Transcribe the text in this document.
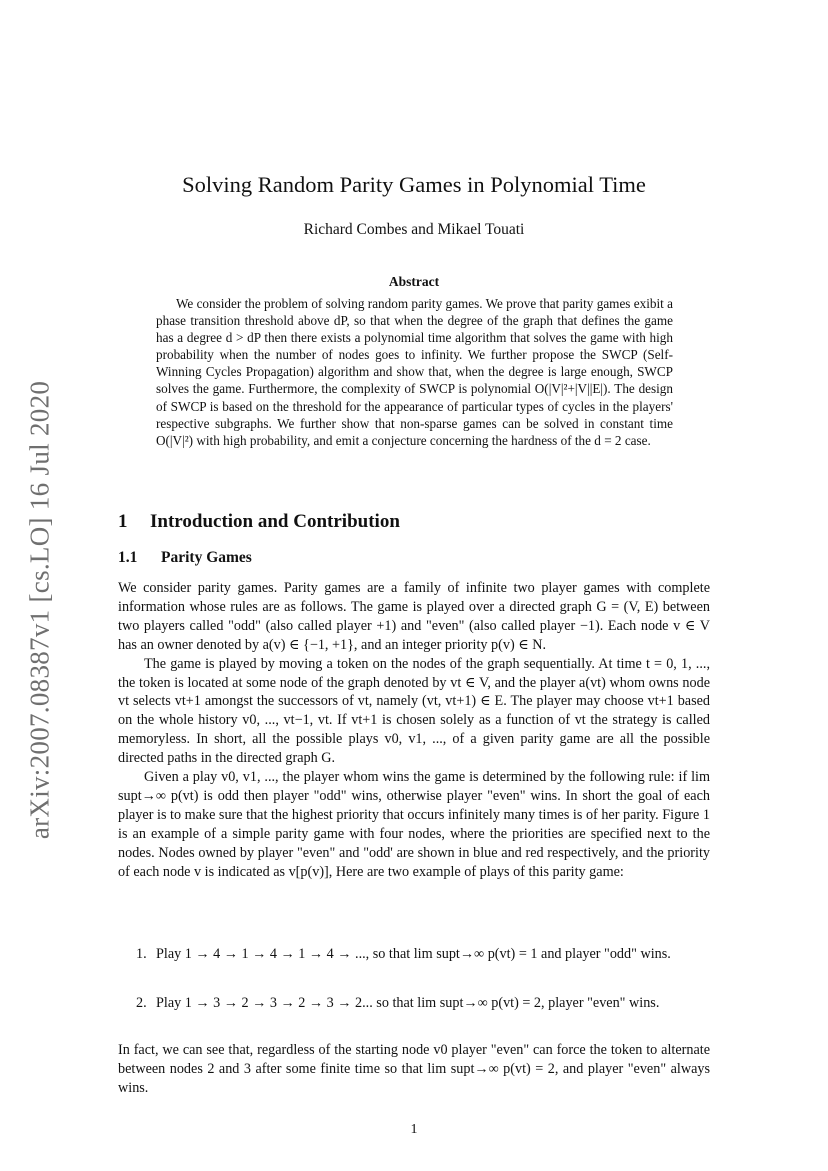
arXiv:2007.08387v1 [cs.LO] 16 Jul 2020
Solving Random Parity Games in Polynomial Time
Richard Combes and Mikael Touati
Abstract
We consider the problem of solving random parity games. We prove that parity games exibit a phase transition threshold above dP, so that when the degree of the graph that defines the game has a degree d > dP then there exists a polynomial time algorithm that solves the game with high probability when the number of nodes goes to infinity. We further propose the SWCP (Self-Winning Cycles Propagation) algorithm and show that, when the degree is large enough, SWCP solves the game. Furthermore, the complexity of SWCP is polynomial O(|V|²+|V||E|). The design of SWCP is based on the threshold for the appearance of particular types of cycles in the players' respective subgraphs. We further show that non-sparse games can be solved in constant time O(|V|²) with high probability, and emit a conjecture concerning the hardness of the d = 2 case.
1 Introduction and Contribution
1.1 Parity Games

We consider parity games. Parity games are a family of infinite two player games with complete information whose rules are as follows. The game is played over a directed graph G = (V, E) between two players called "odd" (also called player +1) and "even" (also called player −1). Each node v ∈ V has an owner denoted by a(v) ∈ {−1, +1}, and an integer priority p(v) ∈ N.

The game is played by moving a token on the nodes of the graph sequentially. At time t = 0, 1, ..., the token is located at some node of the graph denoted by vt ∈ V, and the player a(vt) whom owns node vt selects vt+1 amongst the successors of vt, namely (vt, vt+1) ∈ E. The player may choose vt+1 based on the whole history v0, ..., vt−1, vt. If vt+1 is chosen solely as a function of vt the strategy is called memoryless. In short, all the possible plays v0, v1, ..., of a given parity game are all the possible directed paths in the directed graph G.

Given a play v0, v1, ..., the player whom wins the game is determined by the following rule: if lim supt→∞ p(vt) is odd then player "odd" wins, otherwise player "even" wins. In short the goal of each player is to make sure that the highest priority that occurs infinitely many times is of her parity. Figure 1 is an example of a simple parity game with four nodes, where the priorities are specified next to the nodes. Nodes owned by player "even" and "odd' are shown in blue and red respectively, and the priority of each node v is indicated as v[p(v)], Here are two example of plays of this parity game:

1. Play 1 → 4 → 1 → 4 → 1 → 4 → ..., so that lim supt→∞ p(vt) = 1 and player "odd" wins.
2. Play 1 → 3 → 2 → 3 → 2 → 3 → 2... so that lim supt→∞ p(vt) = 2, player "even" wins.

In fact, we can see that, regardless of the starting node v0 player "even" can force the token to alternate between nodes 2 and 3 after some finite time so that lim supt→∞ p(vt) = 2, and player "even" always wins.

1
